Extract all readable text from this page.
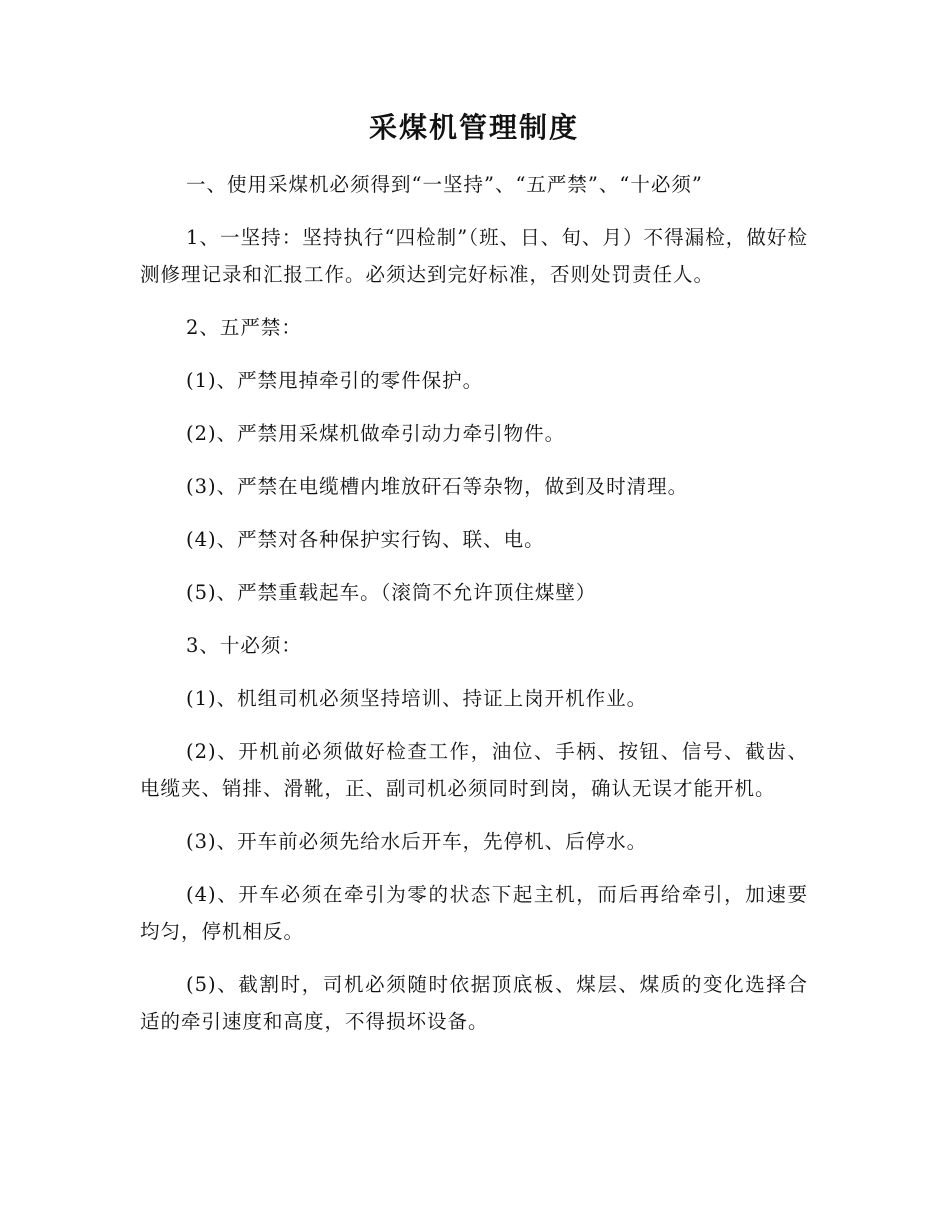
采煤机管理制度

一、使用采煤机必须得到“一坚持”、“五严禁”、“十必须”

1、一坚持：坚持执行“四检制”（班、日、旬、月）不得漏检，做好检测修理记录和汇报工作。必须达到完好标准，否则处罚责任人。

2、五严禁：

(1)、严禁甩掉牵引的零件保护。

(2)、严禁用采煤机做牵引动力牵引物件。

(3)、严禁在电缆槽内堆放矸石等杂物，做到及时清理。

(4)、严禁对各种保护实行钩、联、电。

(5)、严禁重载起车。（滚筒不允许顶住煤壁）

3、十必须：

(1)、机组司机必须坚持培训、持证上岗开机作业。

(2)、开机前必须做好检查工作，油位、手柄、按钮、信号、截齿、电缆夹、销排、滑靴，正、副司机必须同时到岗，确认无误才能开机。

(3)、开车前必须先给水后开车，先停机、后停水。

(4)、开车必须在牵引为零的状态下起主机，而后再给牵引，加速要均匀，停机相反。

(5)、截割时，司机必须随时依据顶底板、煤层、煤质的变化选择合适的牵引速度和高度，不得损坏设备。
